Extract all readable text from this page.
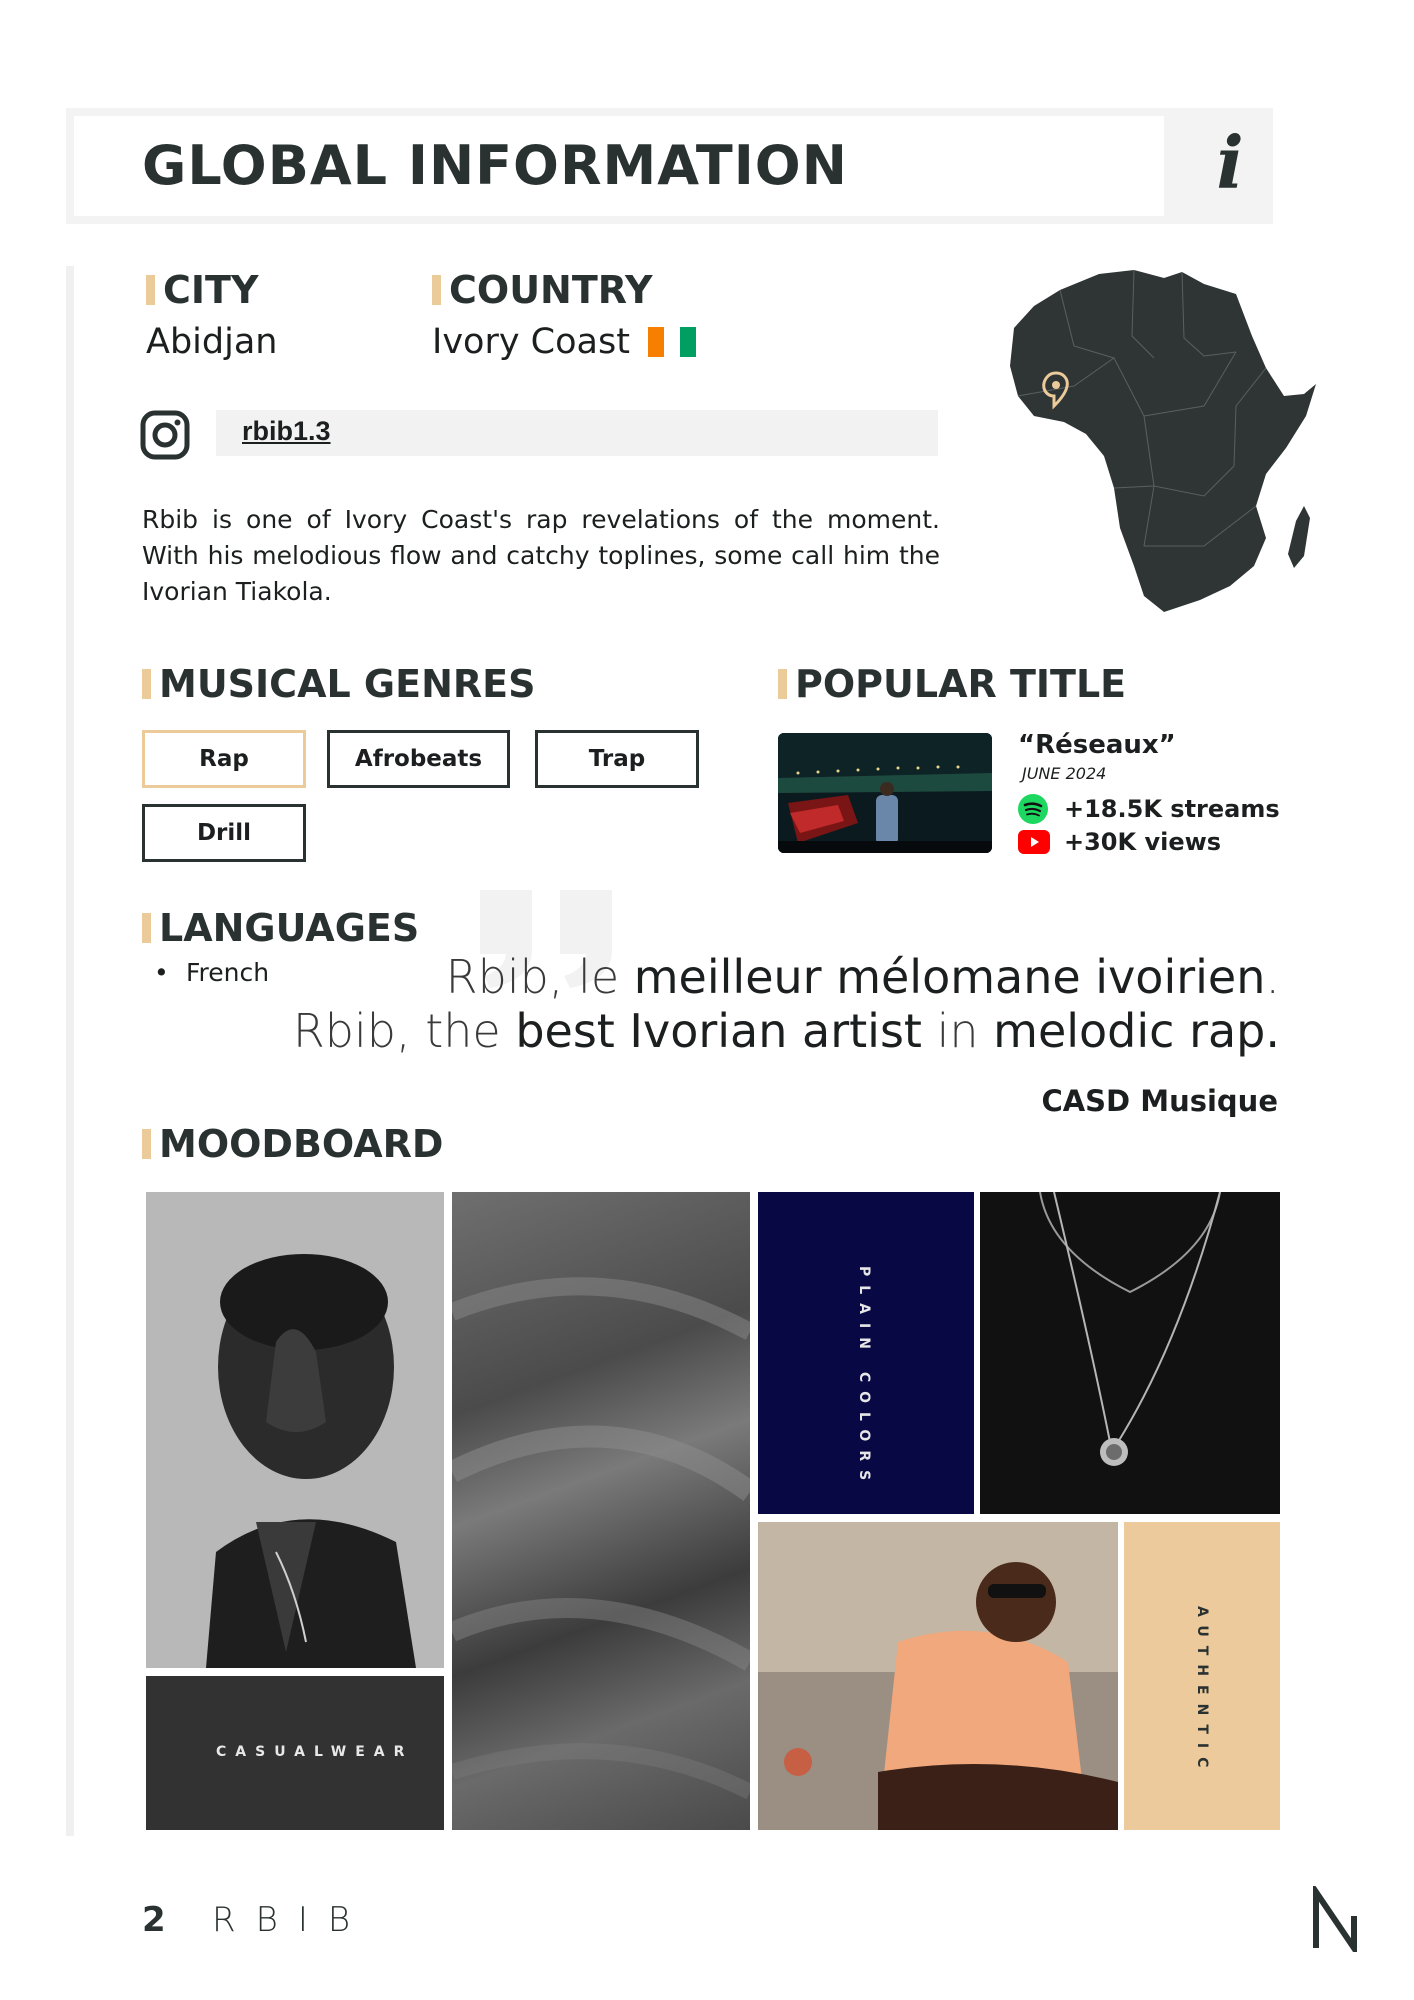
GLOBAL INFORMATION	i
CITY
Abidjan
COUNTRY
Ivory Coast
rbib1.3
Rbib is one of Ivory Coast's rap revelations of the moment. With his melodious flow and catchy toplines, some call him the Ivorian Tiakola.
MUSICAL GENRES
Rap	Afrobeats	Trap
Drill
POPULAR TITLE
“Réseaux”
JUNE 2024
+18.5K streams
+30K views
LANGUAGES
• French	Rbib, le meilleur mélomane ivoirien.
Rbib, the best Ivorian artist in melodic rap.
CASD Musique
MOODBOARD
CASUALWEAR
PLAIN COLORS
AUTHENTIC
2 RBIB
